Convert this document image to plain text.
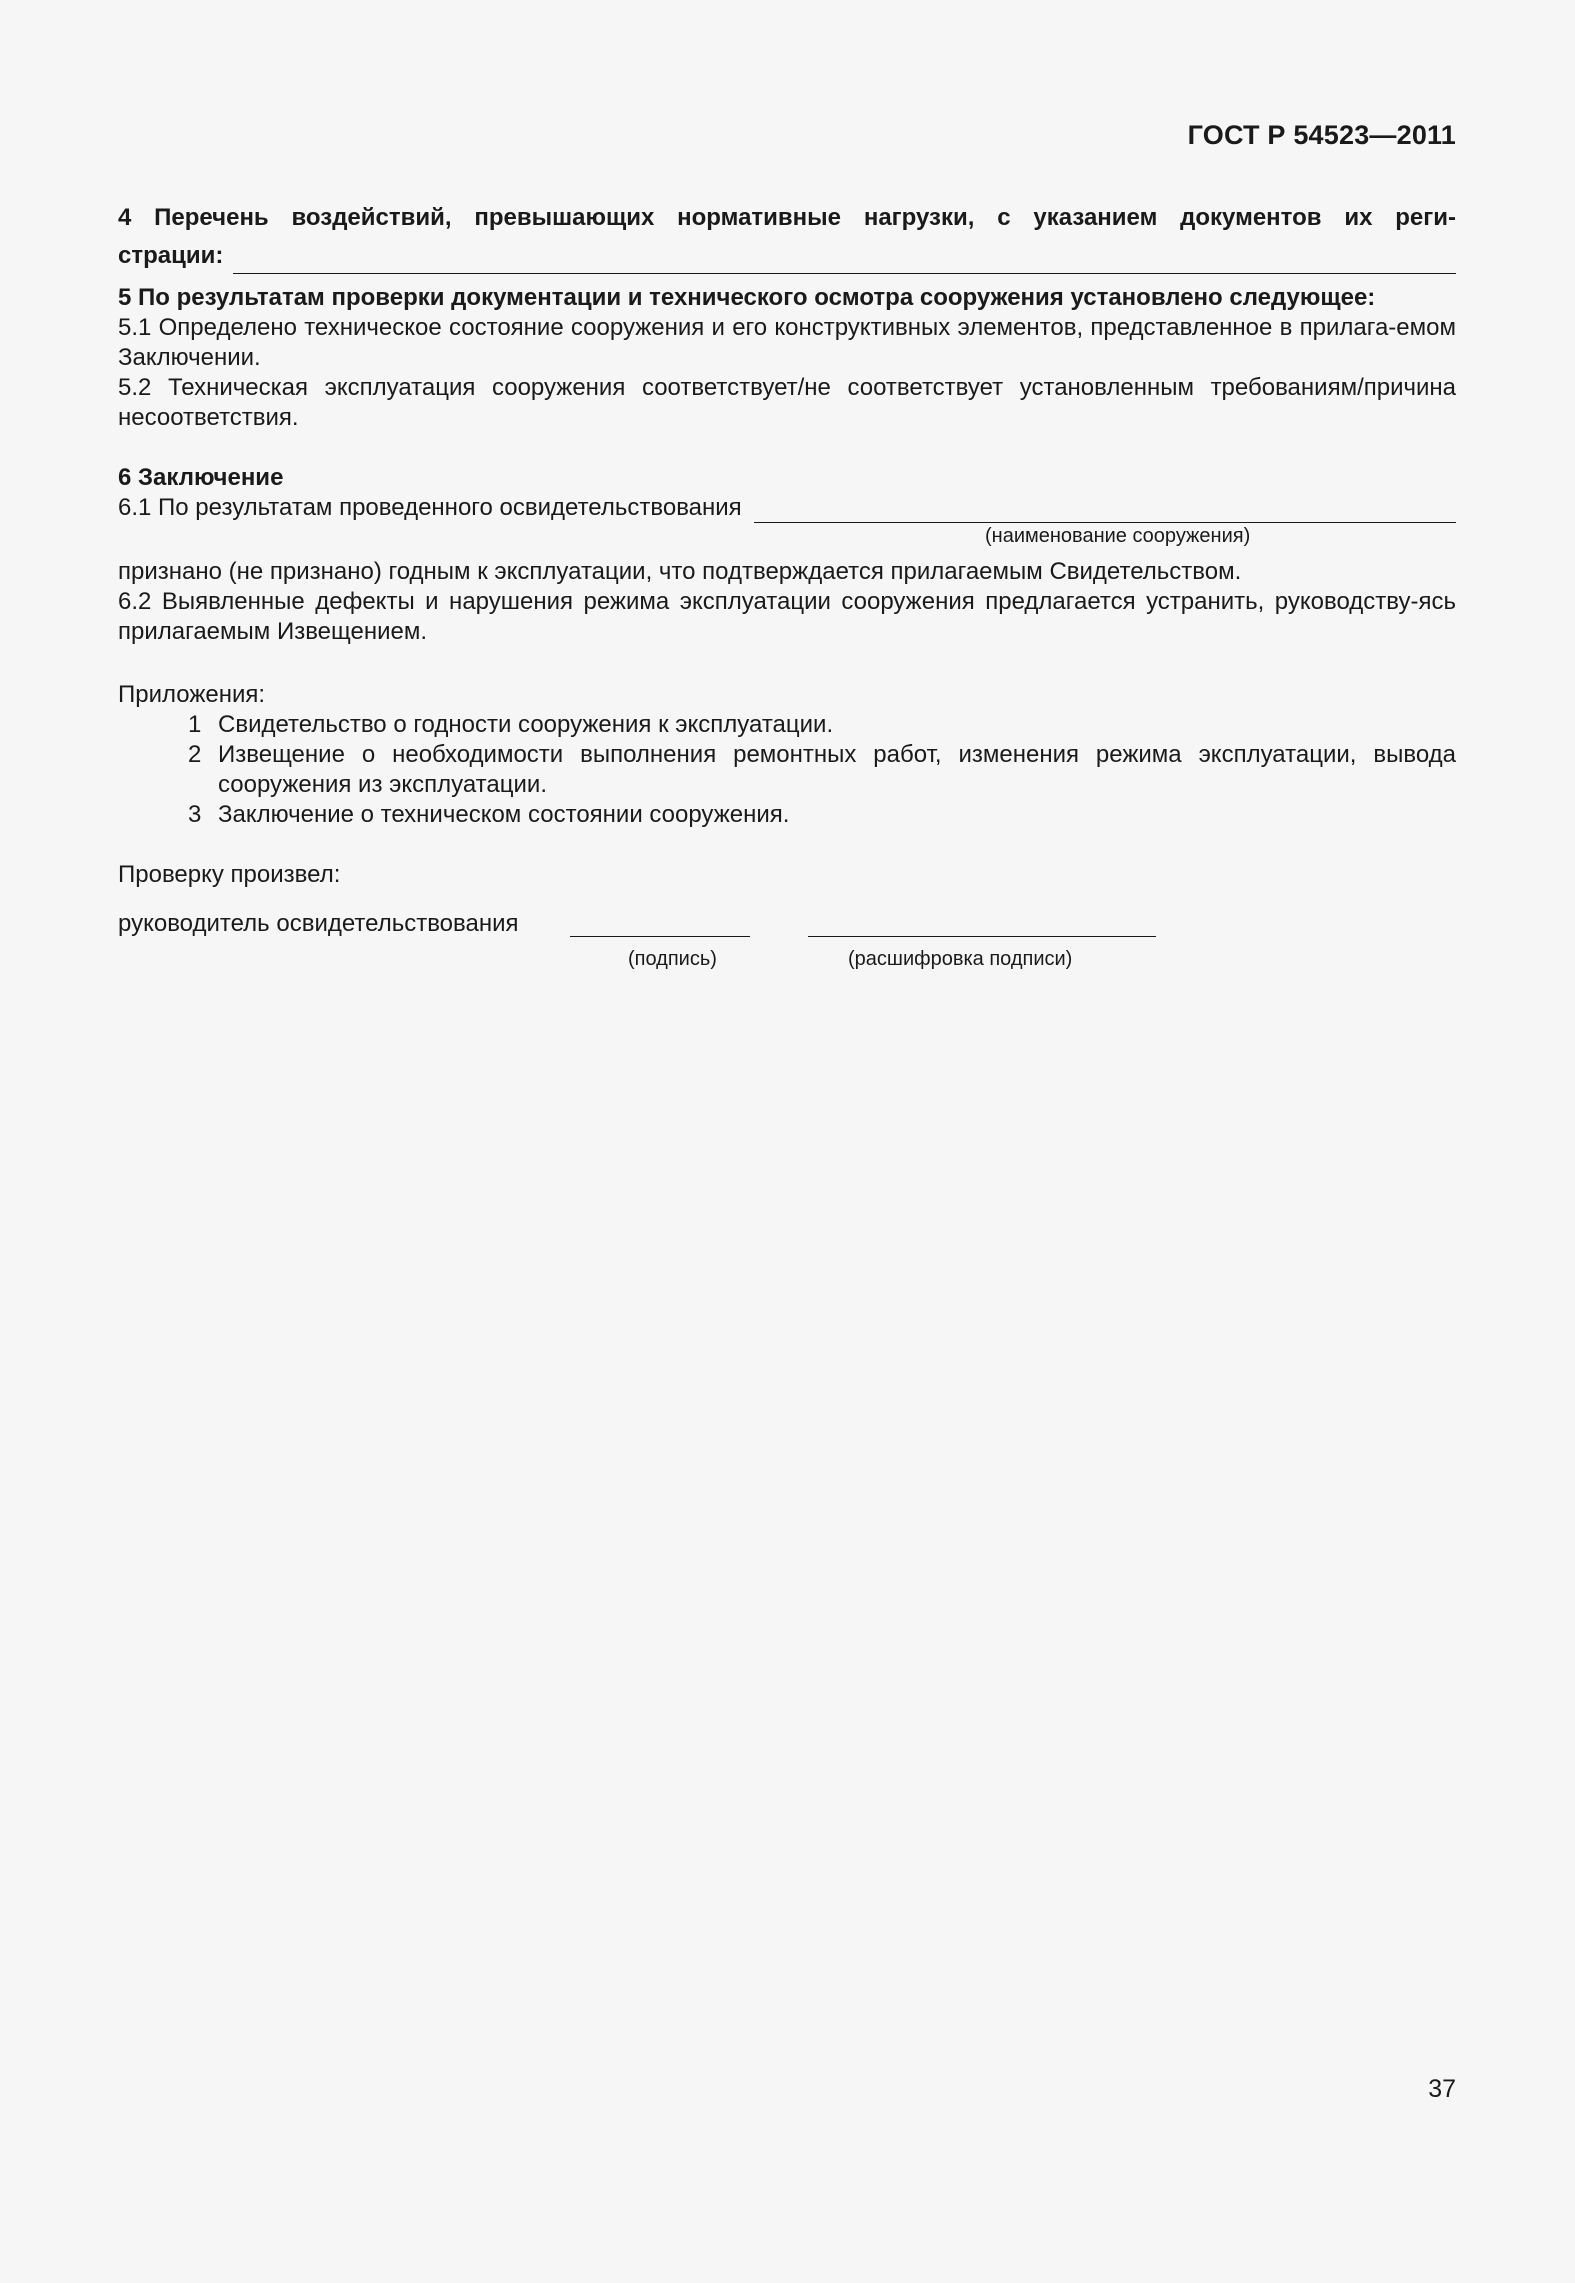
ГОСТ Р 54523—2011
4 Перечень воздействий, превышающих нормативные нагрузки, с указанием документов их реги-
страции:

5 По результатам проверки документации и технического осмотра сооружения установлено следующее:

5.1 Определено техническое состояние сооружения и его конструктивных элементов, представленное в прилага-емом Заключении.

5.2 Техническая эксплуатация сооружения соответствует/не соответствует установленным требованиям/причина несоответствия.

6 Заключение

6.1 По результатам проведенного освидетельствования
(наименование сооружения)

признано (не признано) годным к эксплуатации, что подтверждается прилагаемым Свидетельством.

6.2 Выявленные дефекты и нарушения режима эксплуатации сооружения предлагается устранить, руководству-ясь прилагаемым Извещением.

Приложения:

1 Свидетельство о годности сооружения к эксплуатации.
2 Извещение о необходимости выполнения ремонтных работ, изменения режима эксплуатации, вывода сооружения из эксплуатации.
3 Заключение о техническом состоянии сооружения.

Проверку произвел:

руководитель освидетельствования
(подпись)	(расшифровка подписи)
37
